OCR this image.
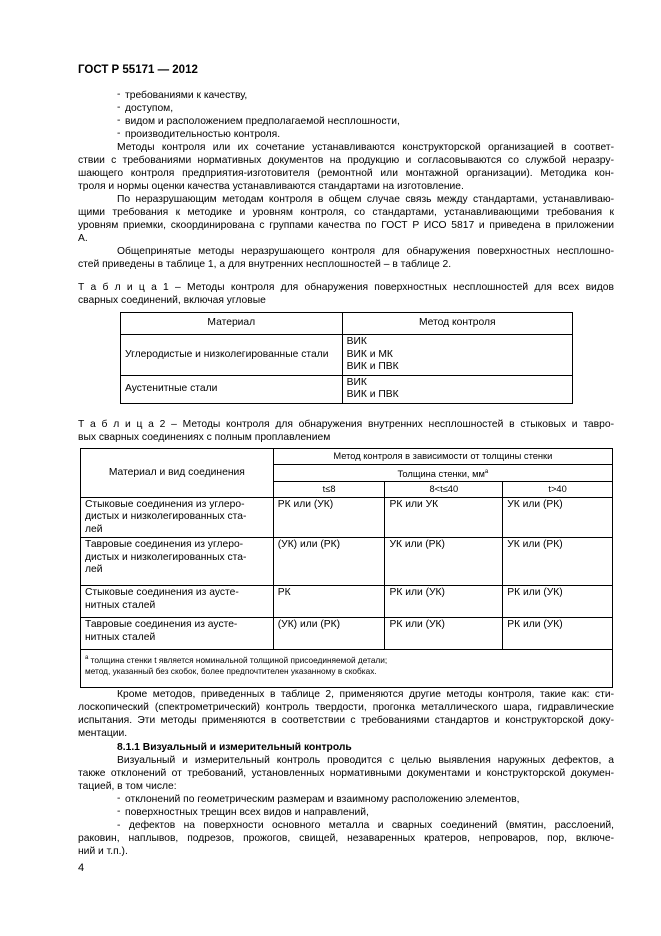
ГОСТ Р 55171 — 2012
- требованиями к качеству,
- доступом,
- видом и расположением предполагаемой несплошности,
- производительностью контроля.
Методы контроля или их сочетание устанавливаются конструкторской организацией в соответ-
ствии с требованиями нормативных документов на продукцию и согласовываются со службой неразру-
шающего контроля предприятия-изготовителя (ремонтной или монтажной организации). Методика кон-
троля и нормы оценки качества устанавливаются стандартами на изготовление.
По неразрушающим методам контроля в общем случае связь между стандартами, устанавливаю-
щими требования к методике и уровням контроля, со стандартами, устанавливающими требования к
уровням приемки, скоординирована с группами качества по ГОСТ Р ИСО 5817 и приведена в приложении
А.
Общепринятые методы неразрушающего контроля для обнаружения поверхностных несплошно-
стей приведены в таблице 1, а для внутренних несплошностей – в таблице 2.
Т а б л и ц а 1 – Методы контроля для обнаружения поверхностных несплошностей для всех видов
сварных соединений, включая угловые
Материал	Метод контроля
Углеродистые и низколегированные стали	ВИК
ВИК и МК
ВИК и ПВК

Аустенитные стали	ВИК
ВИК и ПВК
Т а б л и ц а 2 – Методы контроля для обнаружения внутренних несплошностей в стыковых и тавро-
вых сварных соединениях с полным проплавлением
Материал и вид соединения	Метод контроля в зависимости от толщины стенки		
	Толщина стенки, $мм^a$
	t≤8	8<t≤40	t>40

Стыковые соединения из углеро-
дистых и низколегированных ста-
лей	РК или (УК)	РК или УК	УК или (РК)

Тавровые соединения из углеро-
дистых и низколегированных ста-
лей	(УК) или (РК)	УК или (РК)	УК или (РК)

Стыковые соединения из аусте-
нитных сталей	РК	РК или (УК)	РК или (УК)

Тавровые соединения из аусте-
нитных сталей	(УК) или (РК)	РК или (УК)	РК или (УК)

$^a$ толщина стенки t является номинальной толщиной присоединяемой детали;
метод, указанный без скобок, более предпочтителен указанному в скобках.			
Кроме методов, приведенных в таблице 2, применяются другие методы контроля, такие как: сти-
лоскопический (спектрометрический) контроль твердости, прогонка металлического шара, гидравлические
испытания. Эти методы применяются в соответствии с требованиями стандартов и конструкторской доку-
ментации.
8.1.1 Визуальный и измерительный контроль
Визуальный и измерительный контроль проводится с целью выявления наружных дефектов, а
также отклонений от требований, установленных нормативными документами и конструкторской докумен-
тацией, в том числе:
- отклонений по геометрическим размерам и взаимному расположению элементов,
- поверхностных трещин всех видов и направлений,
- дефектов на поверхности основного металла и сварных соединений (вмятин, расслоений,
раковин, наплывов, подрезов, прожогов, свищей, незаваренных кратеров, непроваров, пор, включе-
ний и т.п.).
4
